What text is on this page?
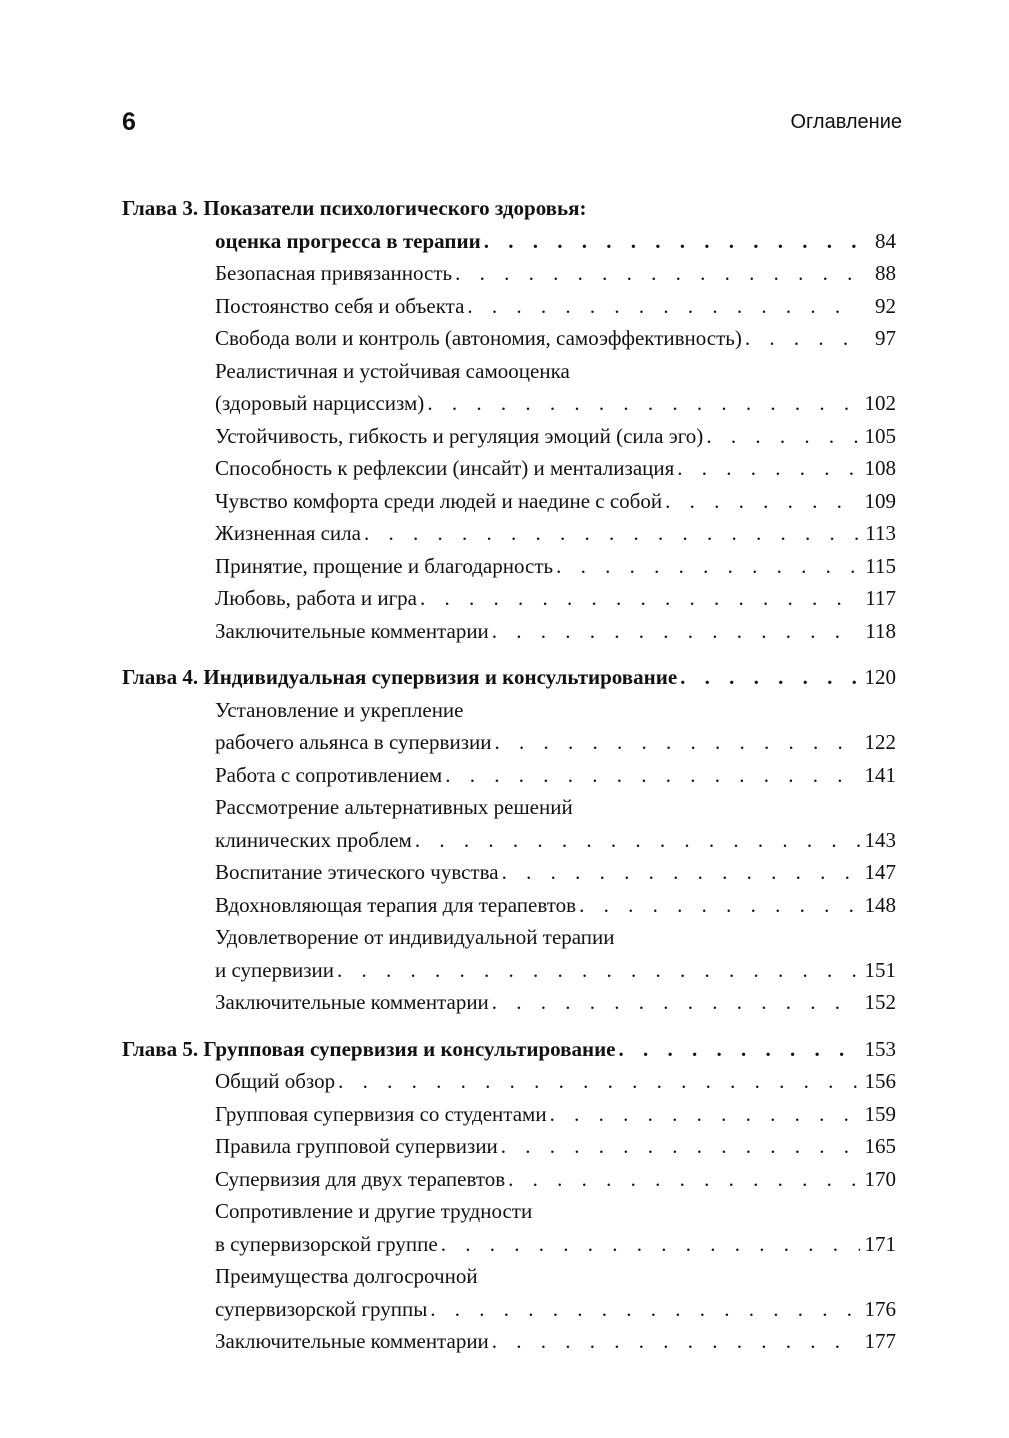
6	Оглавление
Глава 3. Показатели психологического здоровья:
оценка прогресса в терапии . . .	84
Безопасная привязанность . . .	88
Постоянство себя и объекта . . .	92
Свобода воли и контроль (автономия, самоэффективность) . . .	97
Реалистичная и устойчивая самооценка
(здоровый нарциссизм) . . .	102
Устойчивость, гибкость и регуляция эмоций (сила эго) . . .	105
Способность к рефлексии (инсайт) и ментализация . . .	108
Чувство комфорта среди людей и наедине с собой . . .	109
Жизненная сила . . .	113
Принятие, прощение и благодарность . . .	115
Любовь, работа и игра . . .	117
Заключительные комментарии . . .	118
Глава 4. Индивидуальная супервизия и консультирование . . .	120
Установление и укрепление
рабочего альянса в супервизии . . .	122
Работа с сопротивлением . . .	141
Рассмотрение альтернативных решений
клинических проблем . . .	143
Воспитание этического чувства . . .	147
Вдохновляющая терапия для терапевтов . . .	148
Удовлетворение от индивидуальной терапии
и супервизии . . .	151
Заключительные комментарии . . .	152
Глава 5. Групповая супервизия и консультирование . . .	153
Общий обзор . . .	156
Групповая супервизия со студентами . . .	159
Правила групповой супервизии . . .	165
Супервизия для двух терапевтов . . .	170
Сопротивление и другие трудности
в супервизорской группе . . .	171
Преимущества долгосрочной
супервизорской группы . . .	176
Заключительные комментарии . . .	177
